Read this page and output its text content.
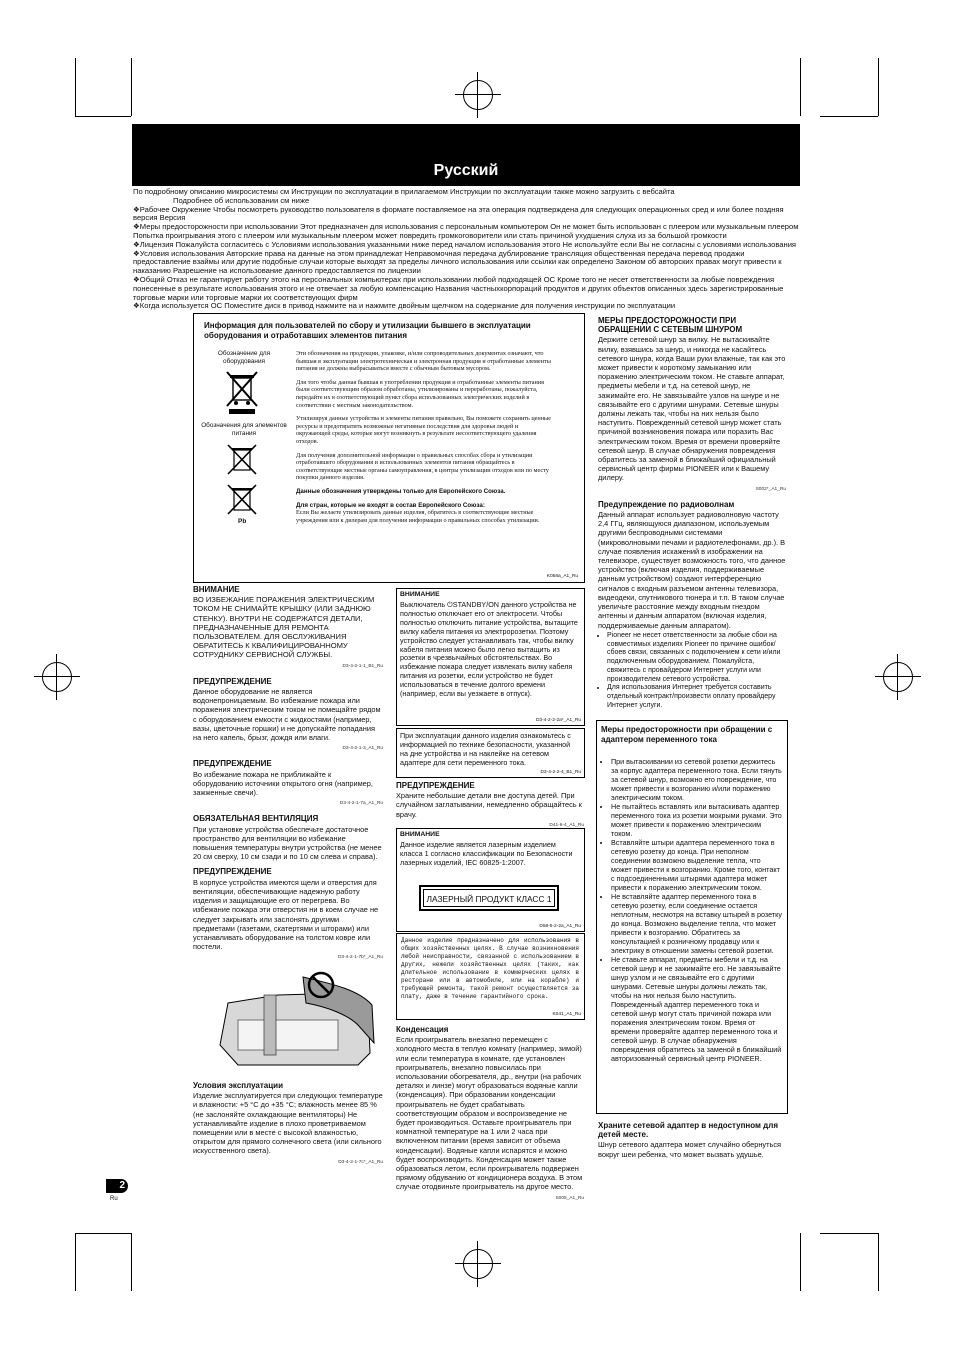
Русский

По подробному описанию микросистемы см Инструкции по эксплуатации в прилагаемом Инструкции по эксплуатации также можно загрузить с вебсайта

Подробнее об использовании см ниже

❖Рабочее Окружение Чтобы посмотреть руководство пользователя в формате поставляемое на эта операция подтверждена для следующих операционных сред и или более поздняя версия Версия

❖Меры предосторожности при использовании Этот предназначен для использования с персональным компьютером Он не может быть использован с плеером или музыкальным плеером Попытка проигрывания этого с плеером или музыкальным плеером может повредить громкоговорители или стать причиной ухудшения слуха из за большой громкости

❖Лицензия Пожалуйста согласитесь с Условиями использования указанными ниже перед началом использования этого Не используйте если Вы не согласны с условиями использования ❖Условия использования Авторские права на данные на этом принадлежат Неправомочная передача дублирование трансляция общественная передача перевод продажи предоставление взаймы или другие подобные случаи которые выходят за пределы личного использования или ссылки как определено Законом об авторских правах могут привести к наказанию Разрешение на использование данного предоставляется по лицензии

❖Общий Отказ не гарантирует работу этого на персональных компьютерах при использовании любой подходящей ОС Кроме того не несет ответственности за любые повреждения понесенные в результате использования этого и не отвечает за любую компенсацию Названия частныхкорпораций продуктов и других объектов описанных здесь зарегистрированные торговые марки или торговые марки их соответствующих фирм

❖Когда используется ОС Поместите диск в привод нажмите на и нажмите двойным щелчком на содержание для получения инструкции по эксплуатации

Информация для пользователей по сбору и утилизации бывшего в эксплуатации оборудования и отработавших элементов питания
Обозначение для оборудования
Обозначения для элементов питания
Pb

Эти обозначения на продукции, упаковке, и/или сопроводительных документах означают, что бывшая в эксплуатации электротехническая и электронная продукция и отработанные элементы питания не должны выбрасываться вместе с обычным бытовым мусором.

Для того чтобы данная бывшая в употреблении продукция и отработанные элементы питания были соответствующим образом обработаны, утилизированы и переработаны, пожалуйста, передайте их в соответствующий пункт сбора использованных электрических изделий в соответствии с местным законодательством.

Утилизируя данные устройства и элементы питания правильно, Вы поможете сохранить ценные ресурсы и предотвратить возможные негативные последствия для здоровья людей и окружающей среды, которые могут возникнуть в результате несоответствующего удаления отходов.

Для получения дополнительной информации о правильных способах сбора и утилизации отработавшего оборудования и использованных элементов питания обращайтесь в соответствующие местные органы самоуправления, в центры утилизации отходов или по месту покупки данного изделия.

Данные обозначения утверждены только для Европейского Союза.

Для стран, которые не входят в состав Европейского Союза:

Если Вы желаете утилизировать данные изделия, обратитесь в соответствующие местные учреждения или к дилерам для получения информации о правильных способах утилизации.

K058a_A1_Ru

ВНИМАНИЕ

ВО ИЗБЕЖАНИЕ ПОРАЖЕНИЯ ЭЛЕКТРИЧЕСКИМ ТОКОМ НЕ СНИМАЙТЕ КРЫШКУ (ИЛИ ЗАДНЮЮ СТЕНКУ). ВНУТРИ НЕ СОДЕРЖАТСЯ ДЕТАЛИ, ПРЕДНАЗНАЧЕННЫЕ ДЛЯ РЕМОНТА ПОЛЬЗОВАТЕЛЕМ. ДЛЯ ОБСЛУЖИВАНИЯ ОБРАТИТЕСЬ К КВАЛИФИЦИРОВАННОМУ СОТРУДНИКУ СЕРВИСНОЙ СЛУЖБЫ.

D3-4-2-1-1_B1_Ru

ПРЕДУПРЕЖДЕНИЕ

Данное оборудование не является водонепроницаемым. Во избежание пожара или поражения электрическим током не помещайте рядом с оборудованием емкости с жидкостями (например, вазы, цветочные горшки) и не допускайте попадания на него капель, брызг, дождя или влаги.

D3-4-2-1-3_A1_Ru

ПРЕДУПРЕЖДЕНИЕ

Во избежание пожара не приближайте к оборудованию источники открытого огня (например, зажженные свечи).

D3-4-2-1-7a_A1_Ru

ОБЯЗАТЕЛЬНАЯ ВЕНТИЛЯЦИЯ

При установке устройства обеспечьте достаточное пространство для вентиляции во избежание повышения температуры внутри устройства (не менее 20 см сверху, 10 см сзади и по 10 см слева и справа).

ПРЕДУПРЕЖДЕНИЕ

В корпусе устройства имеются щели и отверстия для вентиляции, обеспечивающие надежную работу изделия и защищающие его от перегрева. Во избежание пожара эти отверстия ни в коем случае не следует закрывать или заслонять другими предметами (газетами, скатертями и шторами) или устанавливать оборудование на толстом ковре или постели.

D3-4-2-1-7b*_A1_Ru

Условия эксплуатации

Изделие эксплуатируется при следующих температуре и влажности: +5 °C до +35 °C; влажность менее 85 % (не заслоняйте охлаждающие вентиляторы) Не устанавливайте изделие в плохо проветриваемом помещении или в месте с высокой влажностью, открытом для прямого солнечного света (или сильного искусственного света).

D3-4-2-1-7c*_A1_Ru

ВНИМАНИЕ
Выключатель ⏻STANDBY/ON данного устройства не полностью отключает его от электросети. Чтобы полностью отключить питание устройства, вытащите вилку кабеля питания из электророзетки. Поэтому устройство следует устанавливать так, чтобы вилку кабеля питания можно было легко вытащить из розетки в чрезвычайных обстоятельствах. Во избежание пожара следует извлекать вилку кабеля питания из розетки, если устройство не будет использоваться в течение долгого времени (например, если вы уезжаете в отпуск).
D3-4-2-2-2a*_A1_Ru
При эксплуатации данного изделия ознакомьтесь с информацией по технике безопасности, указанной на дне устройства и на наклейке на сетевом адаптере для сети переменного тока.
D3-4-2-2-4_B1_Ru

ПРЕДУПРЕЖДЕНИЕ

Храните небольшие детали вне доступа детей. При случайном заглатывании, немедленно обращайтесь к врачу.

D41-6-4_A1_Ru

ВНИМАНИЕ
Данное изделие является лазерным изделием класса 1 согласно классификации по Безопасности лазерных изделий, IEC 60825-1:2007.
ЛАЗЕРНЫЙ ПРОДУКТ КЛАСС 1
D58-5-2-2a_A1_Ru
Данное изделие предназначено для использования в общих хозяйственных целях. В случае возникновения любой неисправности, связанной с использованием в других, нежели хозяйственных целях (таких, как длительное использование в коммерческих целях в ресторане или в автомобиле, или на корабле) и требующей ремонта, такой ремонт осуществляется за плату, даже в течение гарантийного срока.
K041_A1_Ru

Конденсация

Если проигрыватель внезапно перемещен с холодного места в теплую комнату (например, зимой) или если температура в комнате, где установлен проигрыватель, внезапно повысилась при использовании обогревателя, др., внутри (на рабочих деталях и линзе) могут образоваться водяные капли (конденсация). При образовании конденсации проигрыватель не будет срабатывать соответствующим образом и воспроизведение не будет производиться. Оставьте проигрыватель при комнатной температуре на 1 или 2 часа при включенном питании (время зависит от объема конденсации). Водяные капли испарятся и можно будет воспроизводить. Конденсация может также образоваться летом, если проигрыватель подвержен прямому обдуванию от кондиционера воздуха. В этом случае отодвиньте проигрыватель на другое место.

S005_A1_Ru

МЕРЫ ПРЕДОСТОРОЖНОСТИ ПРИ ОБРАЩЕНИИ С СЕТЕВЫМ ШНУРОМ

Держите сетевой шнур за вилку. Не вытаскивайте вилку, взявшись за шнур, и никогда не касайтесь сетевого шнура, когда Ваши руки влажные, так как это может привести к короткому замыканию или поражению электрическим током. Не ставьте аппарат, предметы мебели и т.д. на сетевой шнур, не зажимайте его. Не завязывайте узлов на шнуре и не связывайте его с другими шнурами. Сетевые шнуры должны лежать так, чтобы на них нельзя было наступить. Поврежденный сетевой шнур может стать причиной возникновения пожара или поразить Вас электрическим током. Время от времени проверяйте сетевой шнур. В случае обнаружения повреждения обратитесь за заменой в ближайший официальный сервисный центр фирмы PIONEER или к Вашему дилеру.

S002*_A1_Ru

Предупреждение по радиоволнам

Данный аппарат использует радиоволновую частоту 2,4 ГГц, являющуюся диапазоном, используемым другими беспроводными системами (микроволновыми печами и радиотелефонами, др.). В случае появления искажений в изображении на телевизоре, существует возможность того, что данное устройство (включая изделия, поддерживаемые данным устройством) создают интерференцию сигналов с входным разъемом антенны телевизора, видеодеки, спутникового тюнера и т.п. В таком случае увеличьте расстояние между входным гнездом антенны и данным аппаратом (включая изделия, поддерживаемые данным аппаратом).

• Pioneer не несет ответственности за любые сбои на совместимых изделиях Pioneer по причине ошибок/сбоев связи, связанных с подключением к сети и/или подключенным оборудованием. Пожалуйста, свяжитесь с провайдером Интернет услуги или производителем сетевого устройства.
• Для использования Интернет требуется составить отдельный контракт/произвести оплату провайдеру Интернет услуги.
Меры предосторожности при обращении с адаптером переменного тока
• При вытаскивании из сетевой розетки держитесь за корпус адаптера переменного тока. Если тянуть за сетевой шнур, возможно его повреждение, что может привести к возгоранию и/или поражению электрическим током.
• Не пытайтесь вставлять или вытаскивать адаптер переменного тока из розетки мокрыми руками. Это может привести к поражению электрическим током.
• Вставляйте штыри адаптера переменного тока в сетевую розетку до конца. При неполном соединении возможно выделение тепла, что может привести к возгоранию. Кроме того, контакт с подсоединенными штырями адаптера может привести к поражению электрическим током.
• Не вставляйте адаптер переменного тока в сетевую розетку, если соединение остается неплотным, несмотря на вставку штырей в розетку до конца. Возможно выделение тепла, что может привести к возгоранию. Обратитесь за консультацией к розничному продавцу или к электрику в отношении замены сетевой розетки.
• Не ставьте аппарат, предметы мебели и т.д. на сетевой шнур и не зажимайте его. Не завязывайте шнур узлом и не связывайте его с другими шнурами. Сетевые шнуры должны лежать так, чтобы на них нельзя было наступить. Поврежденный адаптер переменного тока и сетевой шнур могут стать причиной пожара или поражения электрическим током. Время от времени проверяйте адаптер переменного тока и сетевой шнур. В случае обнаружения повреждения обратитесь за заменой в ближайший авторизованный сервисный центр PIONEER.

Храните сетевой адаптер в недоступном для детей месте.

Шнур сетевого адаптера может случайно обернуться вокруг шеи ребенка, что может вызвать удушье.

2
Ru
